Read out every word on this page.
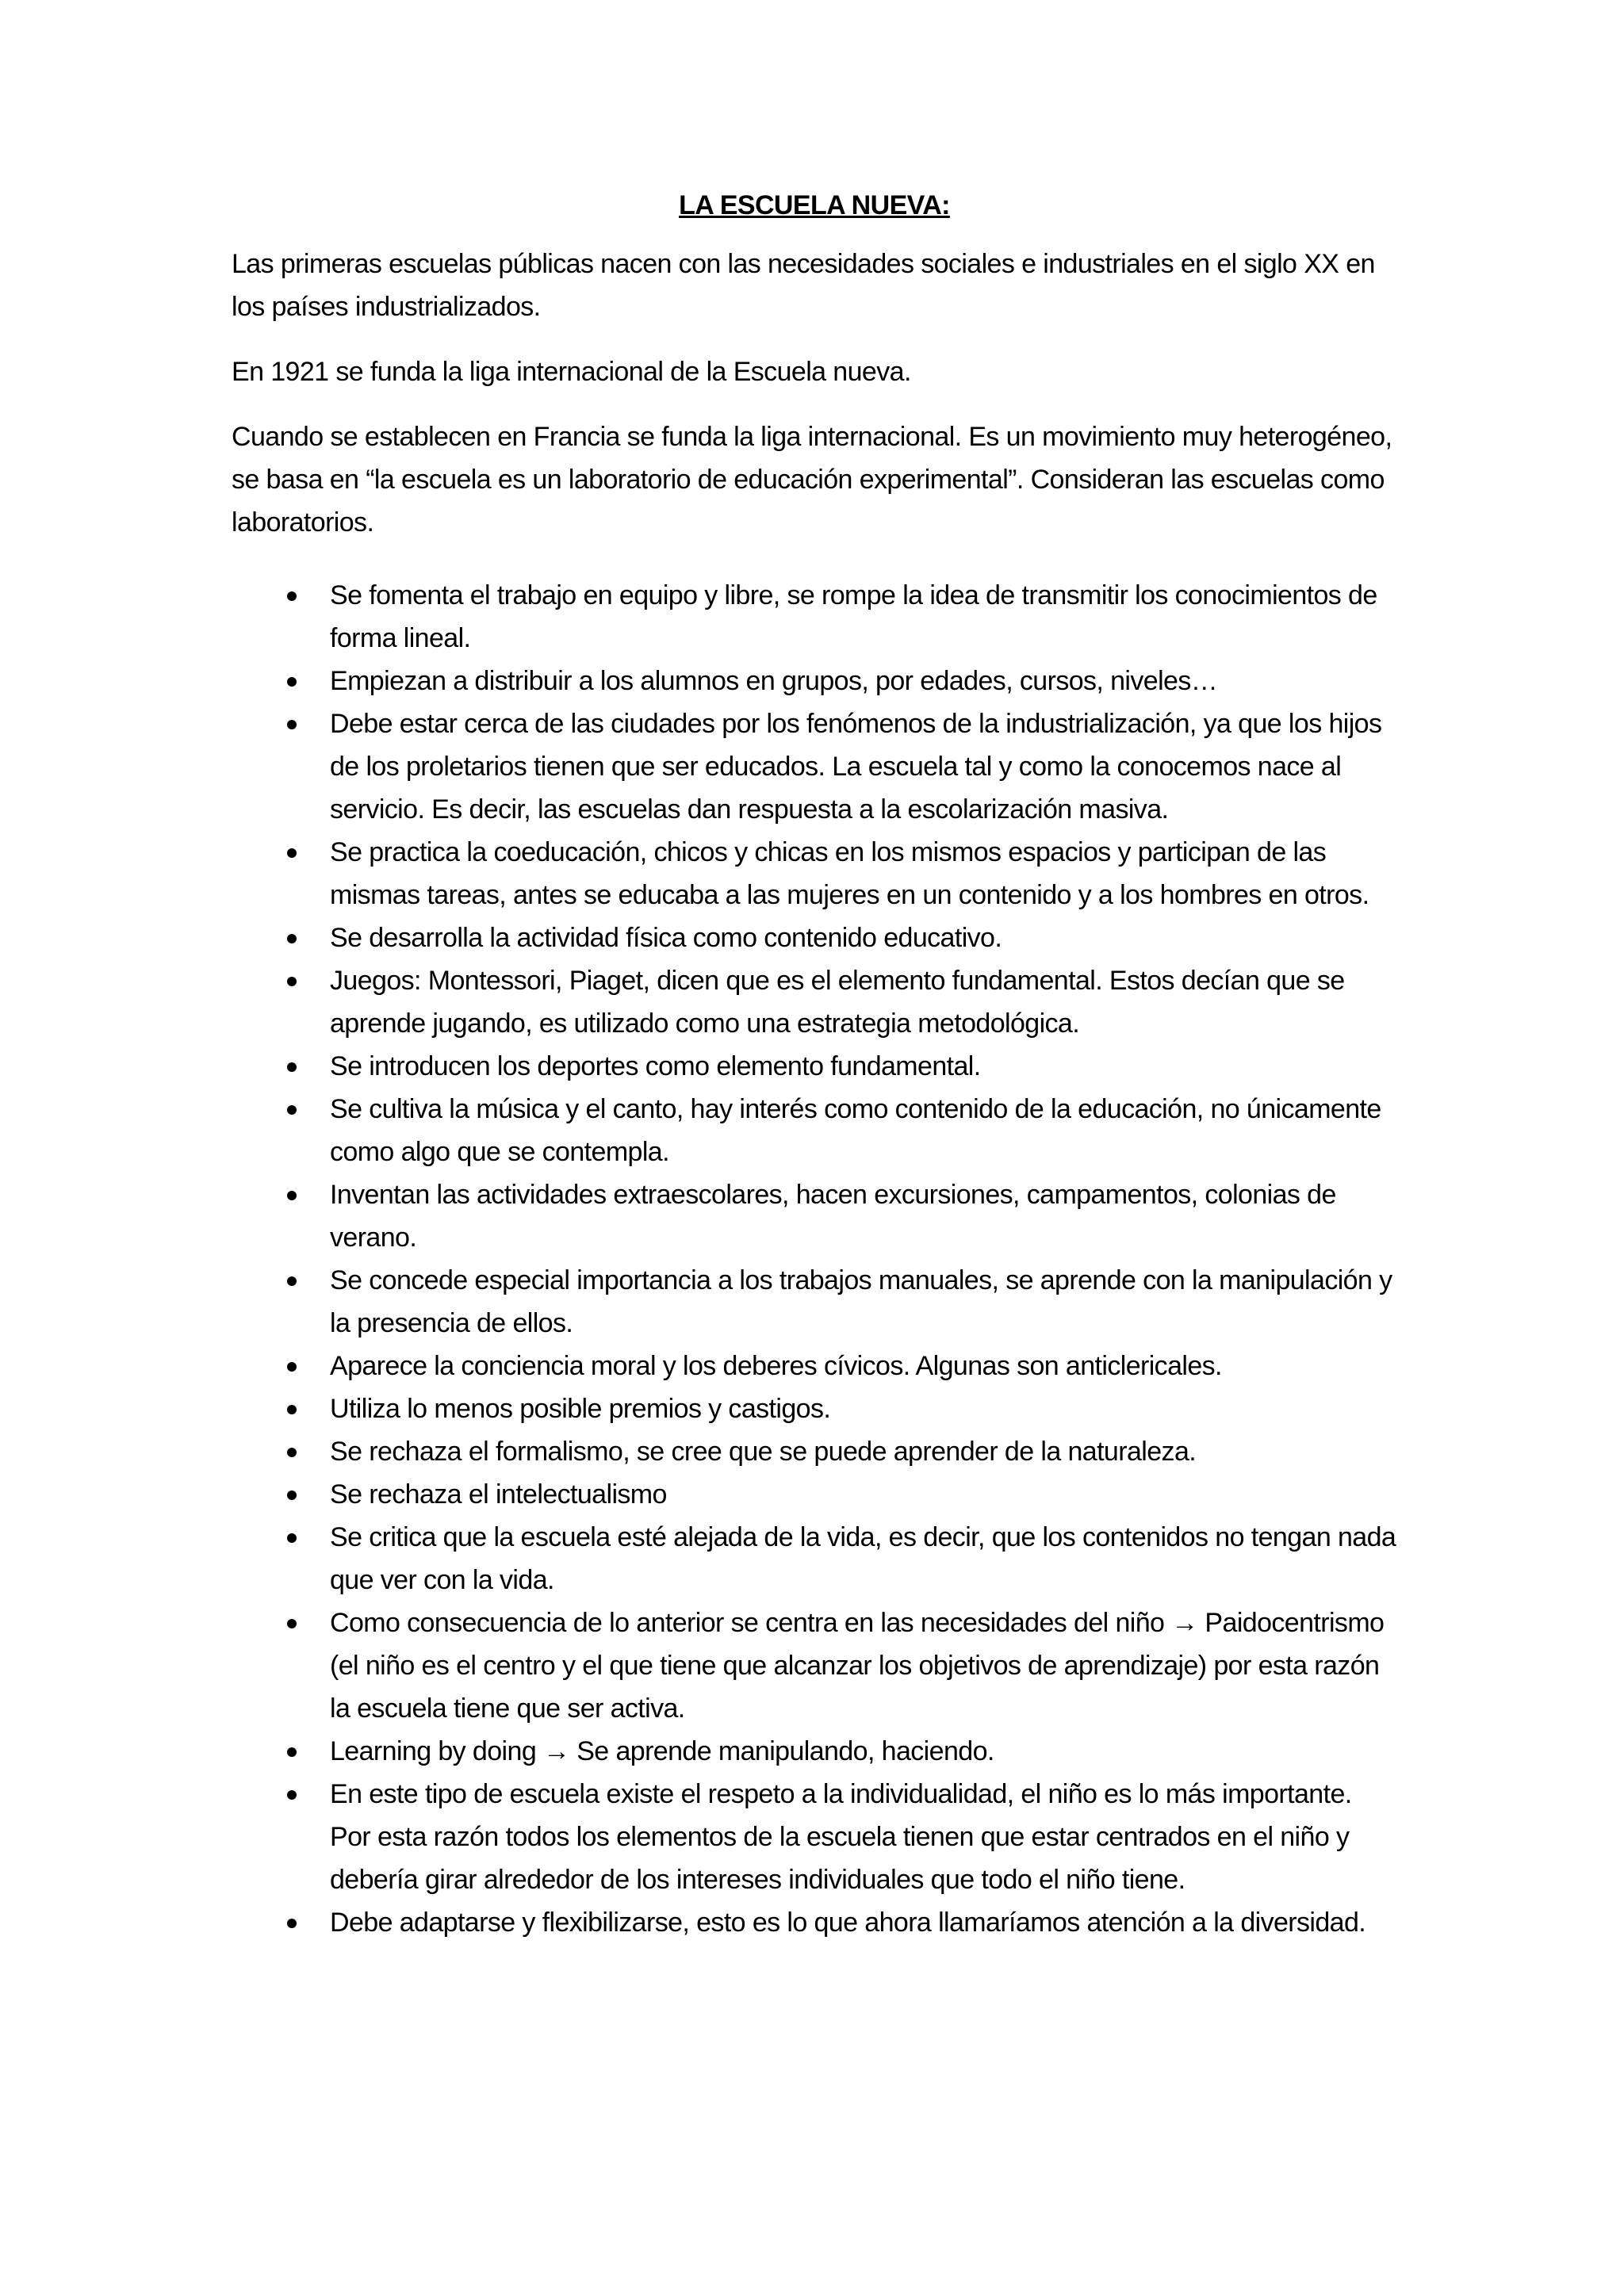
LA ESCUELA NUEVA:

Las primeras escuelas públicas nacen con las necesidades sociales e industriales en el siglo XX en los países industrializados.

En 1921 se funda la liga internacional de la Escuela nueva.

Cuando se establecen en Francia se funda la liga internacional. Es un movimiento muy heterogéneo, se basa en “la escuela es un laboratorio de educación experimental”. Consideran las escuelas como laboratorios.

Se fomenta el trabajo en equipo y libre, se rompe la idea de transmitir los conocimientos de forma lineal.
Empiezan a distribuir a los alumnos en grupos, por edades, cursos, niveles…
Debe estar cerca de las ciudades por los fenómenos de la industrialización, ya que los hijos de los proletarios tienen que ser educados. La escuela tal y como la conocemos nace al servicio. Es decir, las escuelas dan respuesta a la escolarización masiva.
Se practica la coeducación, chicos y chicas en los mismos espacios y participan de las mismas tareas, antes se educaba a las mujeres en un contenido y a los hombres en otros.
Se desarrolla la actividad física como contenido educativo.
Juegos: Montessori, Piaget, dicen que es el elemento fundamental. Estos decían que se aprende jugando, es utilizado como una estrategia metodológica.
Se introducen los deportes como elemento fundamental.
Se cultiva la música y el canto, hay interés como contenido de la educación, no únicamente como algo que se contempla.
Inventan las actividades extraescolares, hacen excursiones, campamentos, colonias de verano.
Se concede especial importancia a los trabajos manuales, se aprende con la manipulación y la presencia de ellos.
Aparece la conciencia moral y los deberes cívicos. Algunas son anticlericales.
Utiliza lo menos posible premios y castigos.
Se rechaza el formalismo, se cree que se puede aprender de la naturaleza.
Se rechaza el intelectualismo
Se critica que la escuela esté alejada de la vida, es decir, que los contenidos no tengan nada que ver con la vida.
Como consecuencia de lo anterior se centra en las necesidades del niño → Paidocentrismo (el niño es el centro y el que tiene que alcanzar los objetivos de aprendizaje) por esta razón la escuela tiene que ser activa.
Learning by doing → Se aprende manipulando, haciendo.
En este tipo de escuela existe el respeto a la individualidad, el niño es lo más importante. Por esta razón todos los elementos de la escuela tienen que estar centrados en el niño y debería girar alrededor de los intereses individuales que todo el niño tiene.
Debe adaptarse y flexibilizarse, esto es lo que ahora llamaríamos atención a la diversidad.
